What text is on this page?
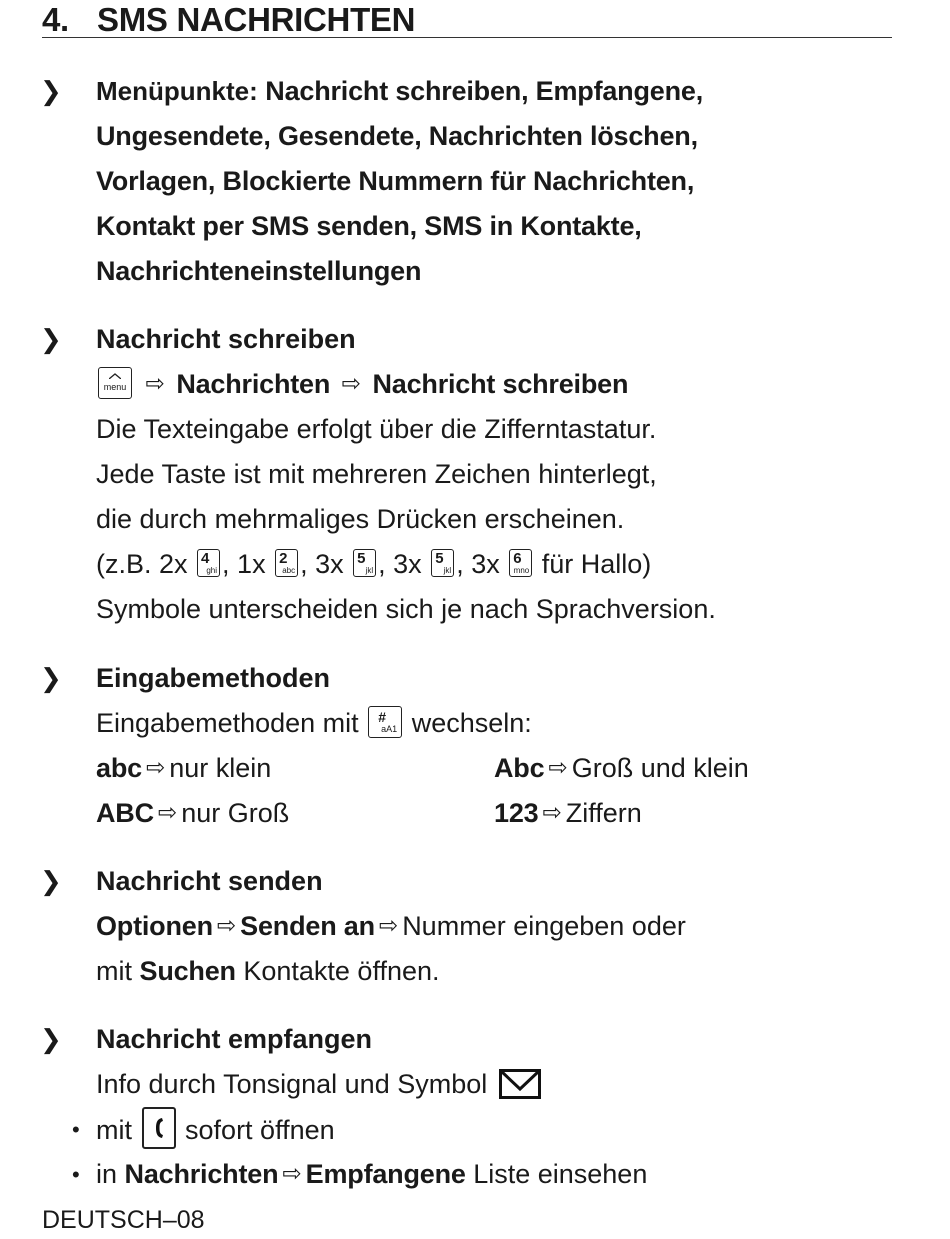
4. SMS NACHRICHTEN
❯ Menüpunkte: Nachricht schreiben, Empfangene,
Ungesendete, Gesendete, Nachrichten löschen,
Vorlagen, Blockierte Nummern für Nachrichten,
Kontakt per SMS senden, SMS in Kontakte,
Nachrichteneinstellungen
❯ Nachricht schreiben
menu ⇨ Nachrichten ⇨ Nachricht schreiben
Die Texteingabe erfolgt über die Zifferntastatur.
Jede Taste ist mit mehreren Zeichen hinterlegt,
die durch mehrmaliges Drücken erscheinen.
(z.B. 2x 4
ghi , 1x 2
abc , 3x 5
jkl , 3x 5
jkl , 3x 6
mno für Hallo)
Symbole unterscheiden sich je nach Sprachversion.
❯ Eingabemethoden
Eingabemethoden mit #
aA1 wechseln:
abc ⇨ nur klein	Abc ⇨ Groß und klein
ABC ⇨ nur Groß	123 ⇨ Ziffern
❯ Nachricht senden
Optionen ⇨ Senden an ⇨ Nummer eingeben oder
mit Suchen Kontakte öffnen.
❯ Nachricht empfangen
Info durch Tonsignal und Symbol
• mit sofort öffnen
• in Nachrichten ⇨ Empfangene Liste einsehen
DEUTSCH–08
